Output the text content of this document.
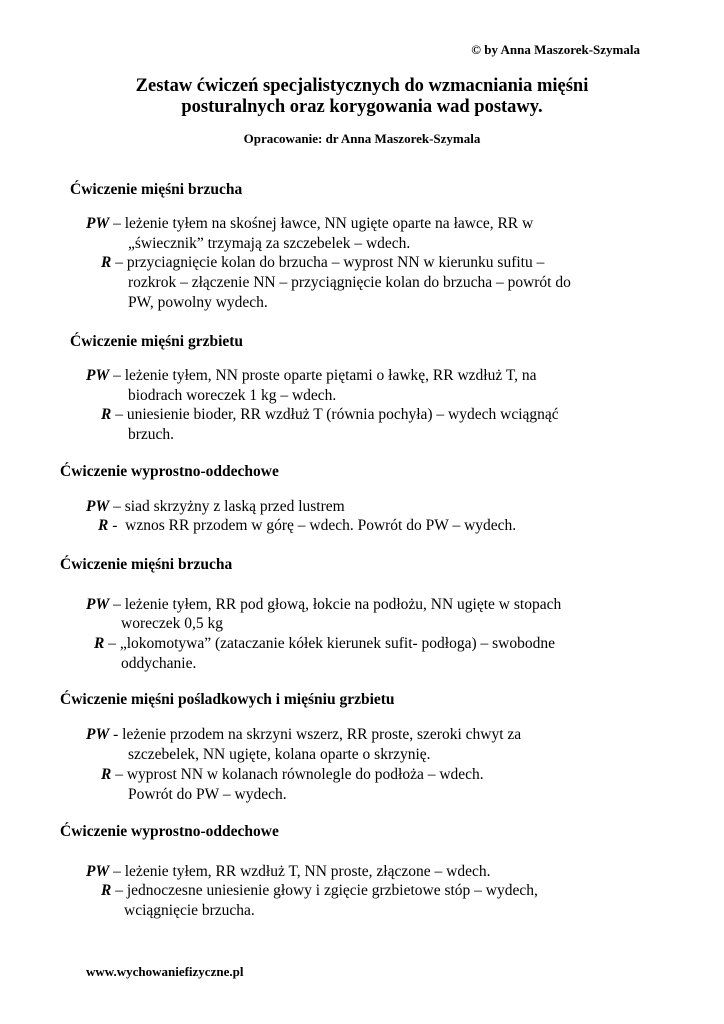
© by Anna Maszorek-Szymala
Zestaw ćwiczeń specjalistycznych do wzmacniania mięśni
posturalnych oraz korygowania wad postawy.
Opracowanie: dr Anna Maszorek-Szymala
Ćwiczenie mięśni brzucha
PW – leżenie tyłem na skośnej ławce, NN ugięte oparte na ławce, RR w
„świecznik” trzymają za szczebelek – wdech.
R – przyciagnięcie kolan do brzucha – wyprost NN w kierunku sufitu –
rozkrok – złączenie NN – przyciągnięcie kolan do brzucha – powrót do
PW, powolny wydech.
Ćwiczenie mięśni grzbietu
PW – leżenie tyłem, NN proste oparte piętami o ławkę, RR wzdłuż T, na
biodrach woreczek 1 kg – wdech.
R – uniesienie bioder, RR wzdłuż T (równia pochyła) – wydech wciągnąć
brzuch.
Ćwiczenie wyprostno-oddechowe
PW – siad skrzyżny z laską przed lustrem
R -  wznos RR przodem w górę – wdech. Powrót do PW – wydech.
Ćwiczenie mięśni brzucha
PW – leżenie tyłem, RR pod głową, łokcie na podłożu, NN ugięte w stopach
woreczek 0,5 kg
R – „lokomotywa” (zataczanie kółek kierunek sufit- podłoga) – swobodne
oddychanie.
Ćwiczenie mięśni pośladkowych i mięśniu grzbietu
PW - leżenie przodem na skrzyni wszerz, RR proste, szeroki chwyt za
szczebelek, NN ugięte, kolana oparte o skrzynię.
R – wyprost NN w kolanach równolegle do podłoża – wdech.
Powrót do PW – wydech.
Ćwiczenie wyprostno-oddechowe
PW – leżenie tyłem, RR wzdłuż T, NN proste, złączone – wdech.
R – jednoczesne uniesienie głowy i zgięcie grzbietowe stóp – wydech,
wciągnięcie brzucha.
www.wychowaniefizyczne.pl
